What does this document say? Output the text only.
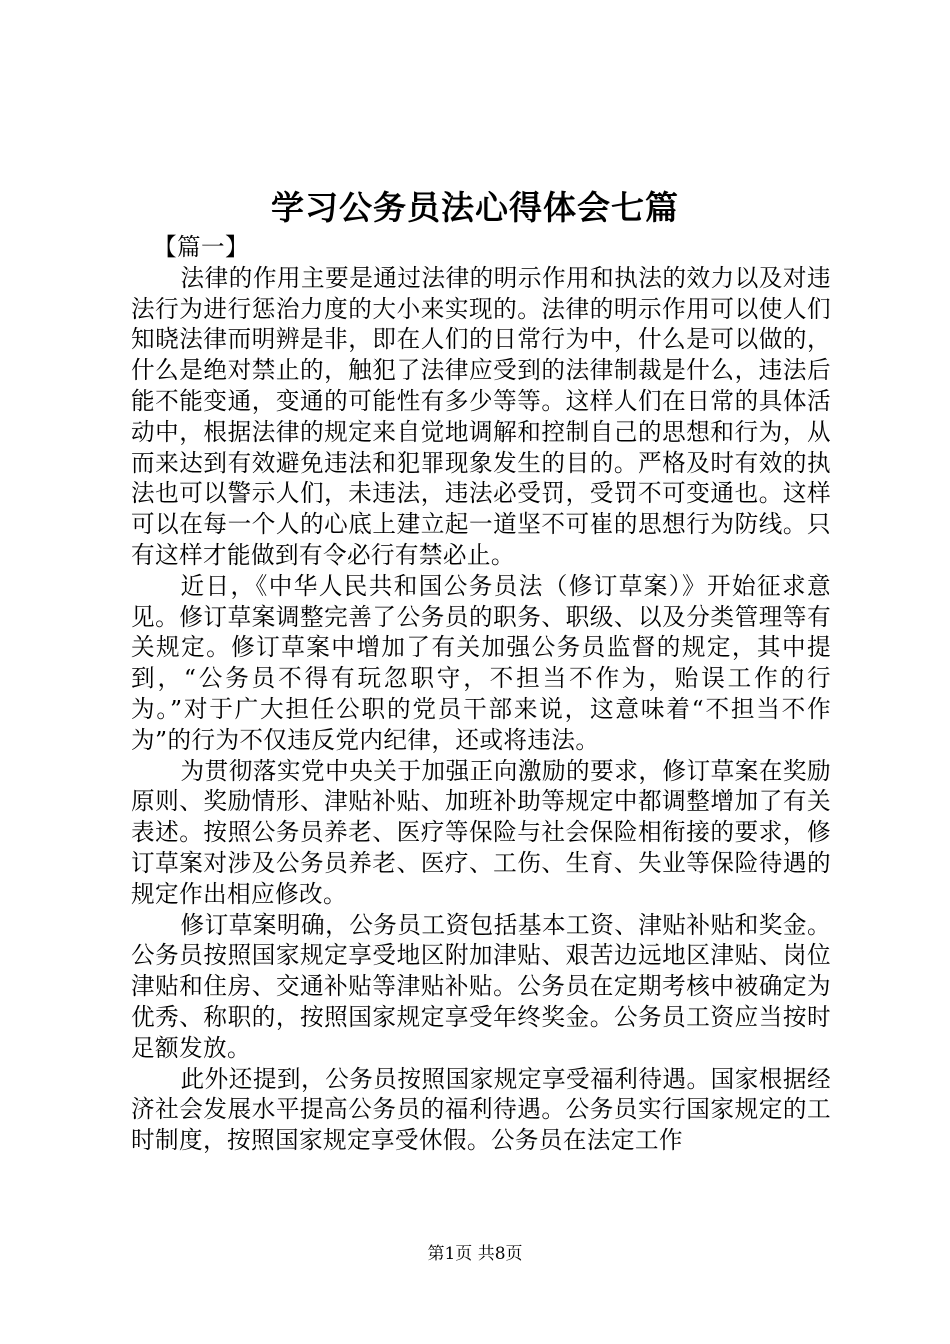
学习公务员法心得体会七篇

【篇一】

法律的作用主要是通过法律的明示作用和执法的效力以及对违法行为进行惩治力度的大小来实现的。法律的明示作用可以使人们知晓法律而明辨是非，即在人们的日常行为中，什么是可以做的，什么是绝对禁止的，触犯了法律应受到的法律制裁是什么，违法后能不能变通，变通的可能性有多少等等。这样人们在日常的具体活动中，根据法律的规定来自觉地调解和控制自己的思想和行为，从而来达到有效避免违法和犯罪现象发生的目的。严格及时有效的执法也可以警示人们，未违法，违法必受罚，受罚不可变通也。这样可以在每一个人的心底上建立起一道坚不可崔的思想行为防线。只有这样才能做到有令必行有禁必止。

近日，《中华人民共和国公务员法（修订草案）》开始征求意见。修订草案调整完善了公务员的职务、职级、以及分类管理等有关规定。修订草案中增加了有关加强公务员监督的规定，其中提到，“公务员不得有玩忽职守，不担当不作为，贻误工作的行为。”对于广大担任公职的党员干部来说，这意味着“不担当不作为”的行为不仅违反党内纪律，还或将违法。

为贯彻落实党中央关于加强正向激励的要求，修订草案在奖励原则、奖励情形、津贴补贴、加班补助等规定中都调整增加了有关表述。按照公务员养老、医疗等保险与社会保险相衔接的要求，修订草案对涉及公务员养老、医疗、工伤、生育、失业等保险待遇的规定作出相应修改。

修订草案明确，公务员工资包括基本工资、津贴补贴和奖金。公务员按照国家规定享受地区附加津贴、艰苦边远地区津贴、岗位津贴和住房、交通补贴等津贴补贴。公务员在定期考核中被确定为优秀、称职的，按照国家规定享受年终奖金。公务员工资应当按时足额发放。

此外还提到，公务员按照国家规定享受福利待遇。国家根据经济社会发展水平提高公务员的福利待遇。公务员实行国家规定的工时制度，按照国家规定享受休假。公务员在法定工作

第1页 共8页
